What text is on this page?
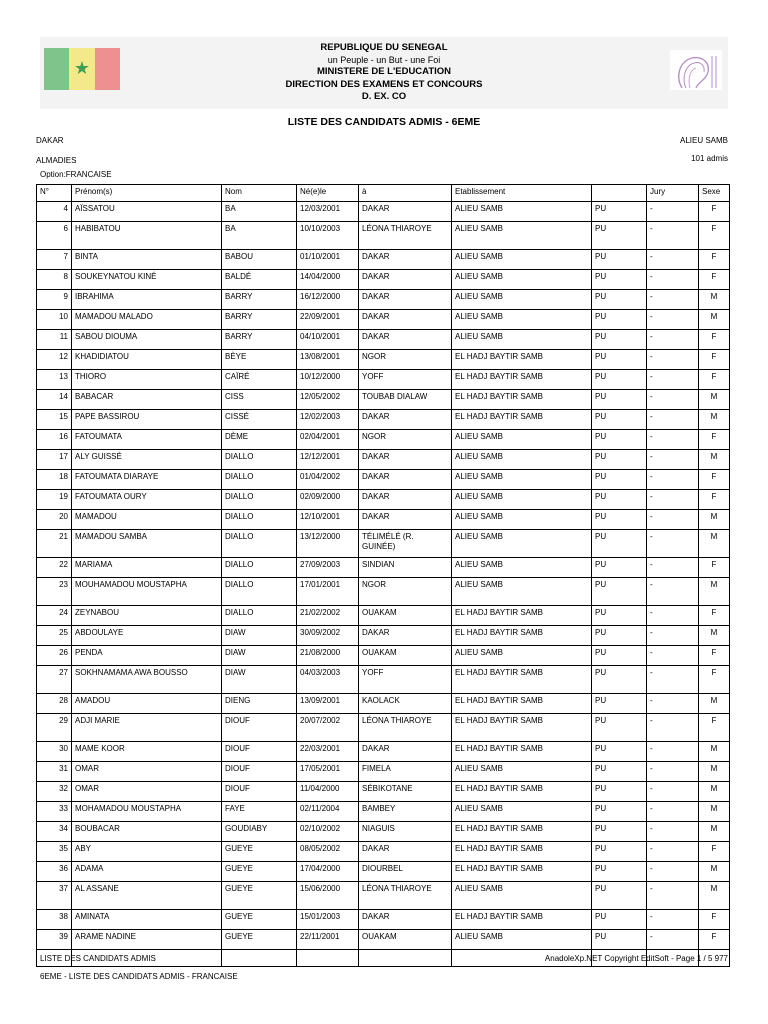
★
REPUBLIQUE DU SENEGAL
un Peuple - un But - une Foi
MINISTERE DE L'EDUCATION
DIRECTION DES EXAMENS ET CONCOURS
D. EX. CO
LISTE DES CANDIDATS ADMIS - 6EME
DAKAR	ALIEU SAMB
ALMADIES	101 admis
Option:FRANCAISE
N°	Prénom(s)	Nom	Né(e)le	à	Etablissement		Jury	Sexe
4	AÏSSATOU	BA	12/03/2001	DAKAR	ALIEU SAMB	PU	-	F
6	HABIBATOU	BA	10/10/2003	LÉONA THIAROYE	ALIEU SAMB	PU	-	F
7	BINTA	BABOU	01/10/2001	DAKAR	ALIEU SAMB	PU	-	F
8	SOUKEYNATOU KINÉ	BALDÉ	14/04/2000	DAKAR	ALIEU SAMB	PU	-	F
9	IBRAHIMA	BARRY	16/12/2000	DAKAR	ALIEU SAMB	PU	-	M
10	MAMADOU MALADO	BARRY	22/09/2001	DAKAR	ALIEU SAMB	PU	-	M
11	SABOU DIOUMA	BARRY	04/10/2001	DAKAR	ALIEU SAMB	PU	-	F
12	KHADIDIATOU	BÈYE	13/08/2001	NGOR	EL HADJ BAYTIR SAMB	PU	-	F
13	THIORO	CAÏRÉ	10/12/2000	YOFF	EL HADJ BAYTIR SAMB	PU	-	F
14	BABACAR	CISS	12/05/2002	TOUBAB DIALAW	EL HADJ BAYTIR SAMB	PU	-	M
15	PAPE BASSIROU	CISSÉ	12/02/2003	DAKAR	EL HADJ BAYTIR SAMB	PU	-	M
16	FATOUMATA	DÈME	02/04/2001	NGOR	ALIEU SAMB	PU	-	F
17	ALY GUISSÉ	DIALLO	12/12/2001	DAKAR	ALIEU SAMB	PU	-	M
18	FATOUMATA DIARAYE	DIALLO	01/04/2002	DAKAR	ALIEU SAMB	PU	-	F
19	FATOUMATA OURY	DIALLO	02/09/2000	DAKAR	ALIEU SAMB	PU	-	F
20	MAMADOU	DIALLO	12/10/2001	DAKAR	ALIEU SAMB	PU	-	M
21	MAMADOU SAMBA	DIALLO	13/12/2000	TÉLIMÉLÉ (R. GUINÉE)	ALIEU SAMB	PU	-	M
22	MARIAMA	DIALLO	27/09/2003	SINDIAN	ALIEU SAMB	PU	-	F
23	MOUHAMADOU MOUSTAPHA	DIALLO	17/01/2001	NGOR	ALIEU SAMB	PU	-	M
24	ZEYNABOU	DIALLO	21/02/2002	OUAKAM	EL HADJ BAYTIR SAMB	PU	-	F
25	ABDOULAYE	DIAW	30/09/2002	DAKAR	EL HADJ BAYTIR SAMB	PU	-	M
26	PENDA	DIAW	21/08/2000	OUAKAM	ALIEU SAMB	PU	-	F
27	SOKHNAMAMA AWA BOUSSO	DIAW	04/03/2003	YOFF	EL HADJ BAYTIR SAMB	PU	-	F
28	AMADOU	DIENG	13/09/2001	KAOLACK	EL HADJ BAYTIR SAMB	PU	-	M
29	ADJI MARIE	DIOUF	20/07/2002	LÉONA THIAROYE	EL HADJ BAYTIR SAMB	PU	-	F
30	MAME KOOR	DIOUF	22/03/2001	DAKAR	EL HADJ BAYTIR SAMB	PU	-	M
31	OMAR	DIOUF	17/05/2001	FIMELA	ALIEU SAMB	PU	-	M
32	OMAR	DIOUF	11/04/2000	SÉBIKOTANE	EL HADJ BAYTIR SAMB	PU	-	M
33	MOHAMADOU MOUSTAPHA	FAYE	02/11/2004	BAMBEY	ALIEU SAMB	PU	-	M
34	BOUBACAR	GOUDIABY	02/10/2002	NIAGUIS	EL HADJ BAYTIR SAMB	PU	-	M
35	ABY	GUEYE	08/05/2002	DAKAR	EL HADJ BAYTIR SAMB	PU	-	F
36	ADAMA	GUEYE	17/04/2000	DIOURBEL	EL HADJ BAYTIR SAMB	PU	-	M
37	AL ASSANE	GUEYE	15/06/2000	LÉONA THIAROYE	ALIEU SAMB	PU	-	M
38	AMINATA	GUEYE	15/01/2003	DAKAR	EL HADJ BAYTIR SAMB	PU	-	F
39	ARAME NADINE	GUEYE	22/11/2001	OUAKAM	ALIEU SAMB	PU	-	F

LISTE DES CANDIDATS ADMIS	AnadoleXp.NET Copyright EditSoft - Page 1 / 5 977
6EME - LISTE DES CANDIDATS ADMIS - FRANCAISE
